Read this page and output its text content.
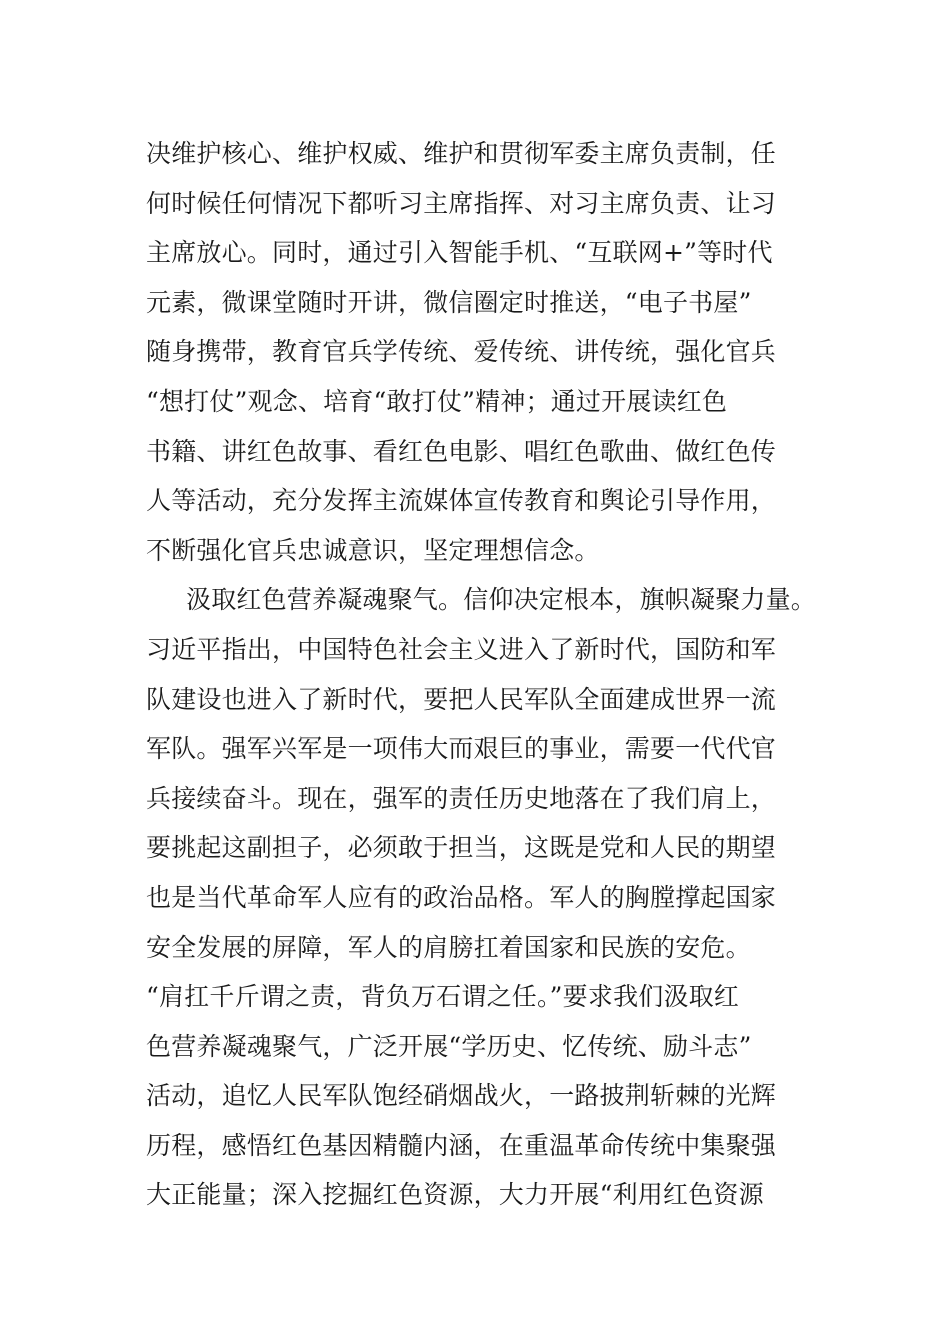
决维护核心、维护权威、维护和贯彻军委主席负责制，任
何时候任何情况下都听习主席指挥、对习主席负责、让习
主席放心。同时，通过引入智能手机、“互联网+”等时代
元素，微课堂随时开讲，微信圈定时推送，“电子书屋”
随身携带，教育官兵学传统、爱传统、讲传统，强化官兵
“想打仗”观念、培育“敢打仗”精神；通过开展读红色
书籍、讲红色故事、看红色电影、唱红色歌曲、做红色传
人等活动，充分发挥主流媒体宣传教育和舆论引导作用，
不断强化官兵忠诚意识，坚定理想信念。
汲取红色营养凝魂聚气。信仰决定根本，旗帜凝聚力量。
习近平指出，中国特色社会主义进入了新时代，国防和军
队建设也进入了新时代，要把人民军队全面建成世界一流
军队。强军兴军是一项伟大而艰巨的事业，需要一代代官
兵接续奋斗。现在，强军的责任历史地落在了我们肩上，
要挑起这副担子，必须敢于担当，这既是党和人民的期望
也是当代革命军人应有的政治品格。军人的胸膛撑起国家
安全发展的屏障，军人的肩膀扛着国家和民族的安危。
“肩扛千斤谓之责，背负万石谓之任。”要求我们汲取红
色营养凝魂聚气，广泛开展“学历史、忆传统、励斗志”
活动，追忆人民军队饱经硝烟战火，一路披荆斩棘的光辉
历程，感悟红色基因精髓内涵，在重温革命传统中集聚强
大正能量；深入挖掘红色资源，大力开展“利用红色资源
